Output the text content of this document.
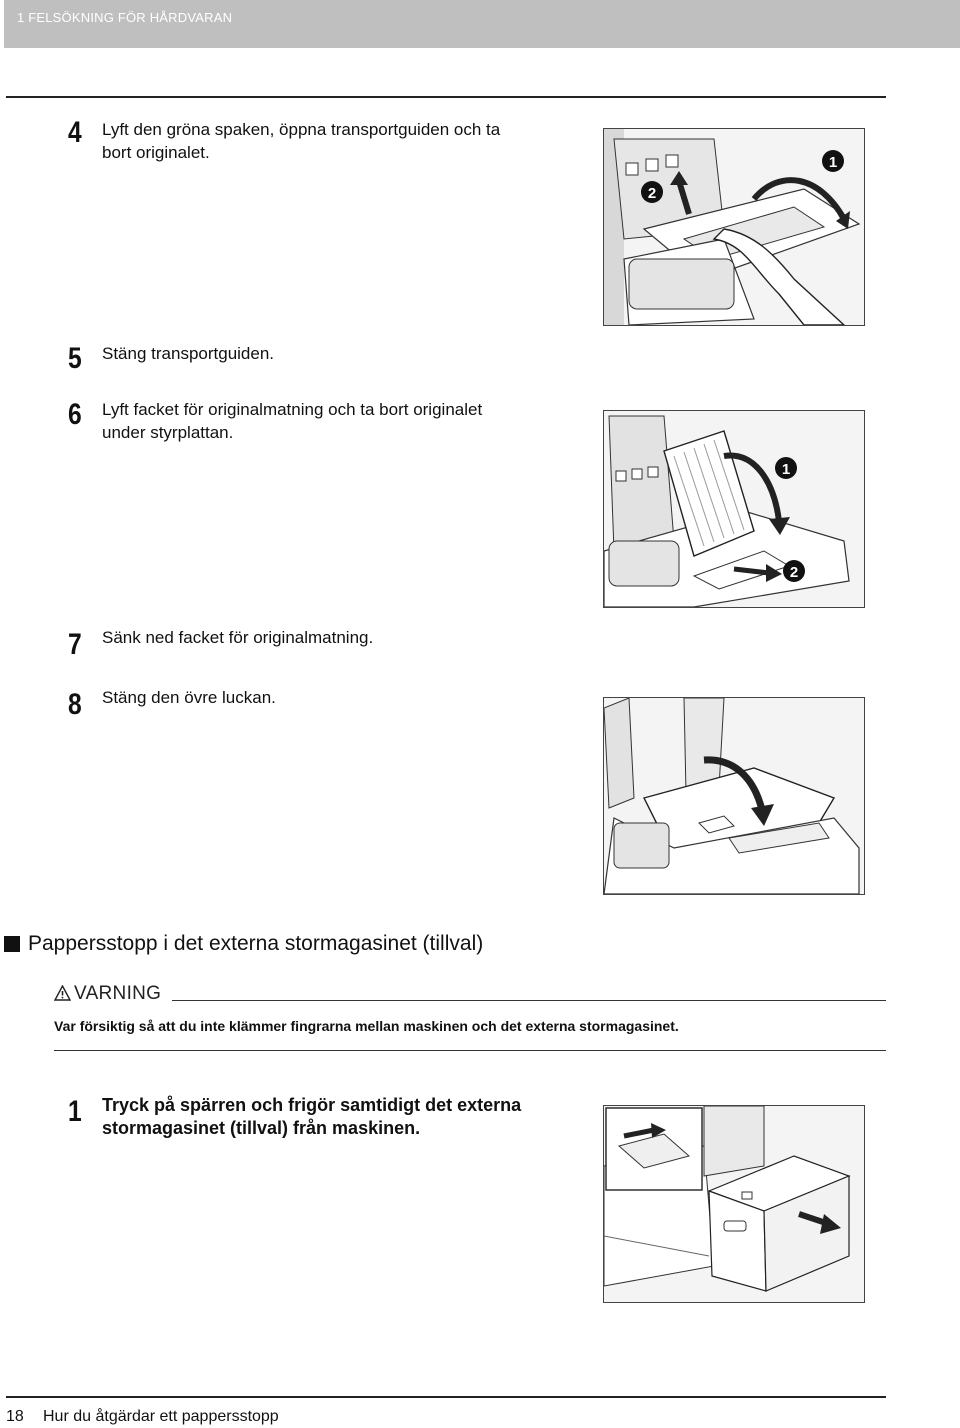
1 FELSÖKNING FÖR HÅRDVARAN
4 Lyft den gröna spaken, öppna transportguiden och ta
bort originalet.
1
2
5 Stäng transportguiden.
6 Lyft facket för originalmatning och ta bort originalet
under styrplattan.
1
2
7 Sänk ned facket för originalmatning.
8 Stäng den övre luckan.
Pappersstopp i det externa stormagasinet (tillval)
VARNING
Var försiktig så att du inte klämmer fingrarna mellan maskinen och det externa stormagasinet.
1 Tryck på spärren och frigör samtidigt det externa
stormagasinet (tillval) från maskinen.
18 Hur du åtgärdar ett pappersstopp
